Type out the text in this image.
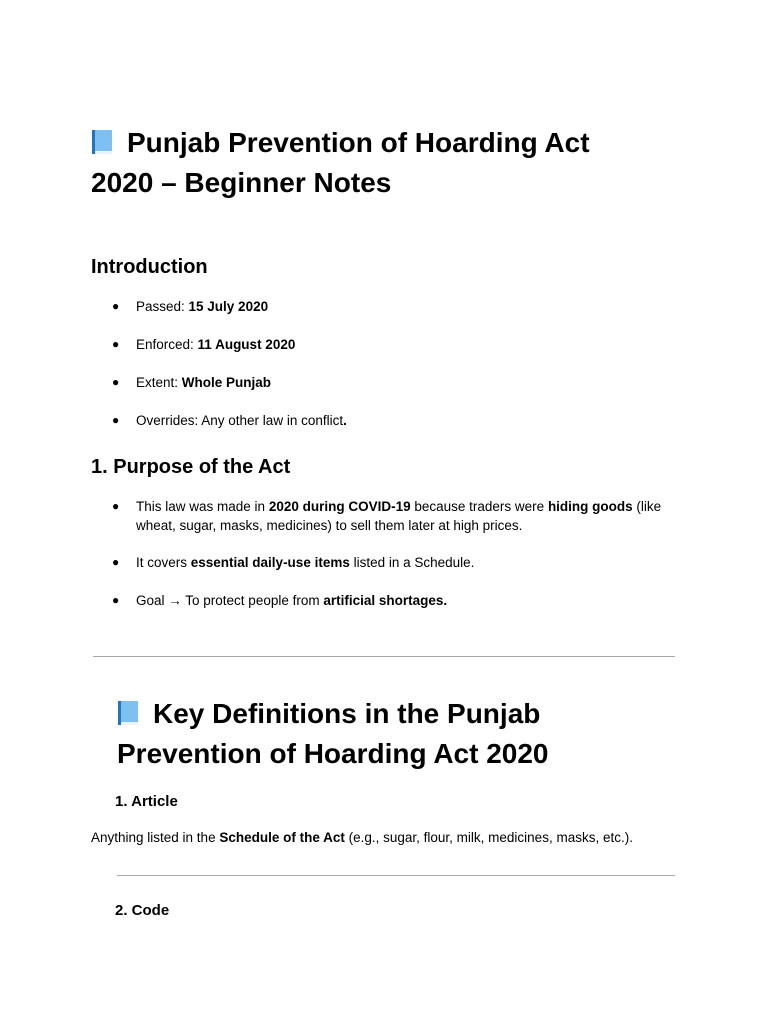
Punjab Prevention of Hoarding Act
2020 – Beginner Notes
Introduction
●	Passed: 15 July 2020
●	Enforced: 11 August 2020
●	Extent: Whole Punjab
●	Overrides: Any other law in conflict.
1. Purpose of the Act
●	This law was made in 2020 during COVID-19 because traders were hiding goods (like
wheat, sugar, masks, medicines) to sell them later at high prices.
●	It covers essential daily-use items listed in a Schedule.
●	Goal → To protect people from artificial shortages.
Key Definitions in the Punjab
Prevention of Hoarding Act 2020
1. Article

Anything listed in the Schedule of the Act (e.g., sugar, flour, milk, medicines, masks, etc.).

2. Code
